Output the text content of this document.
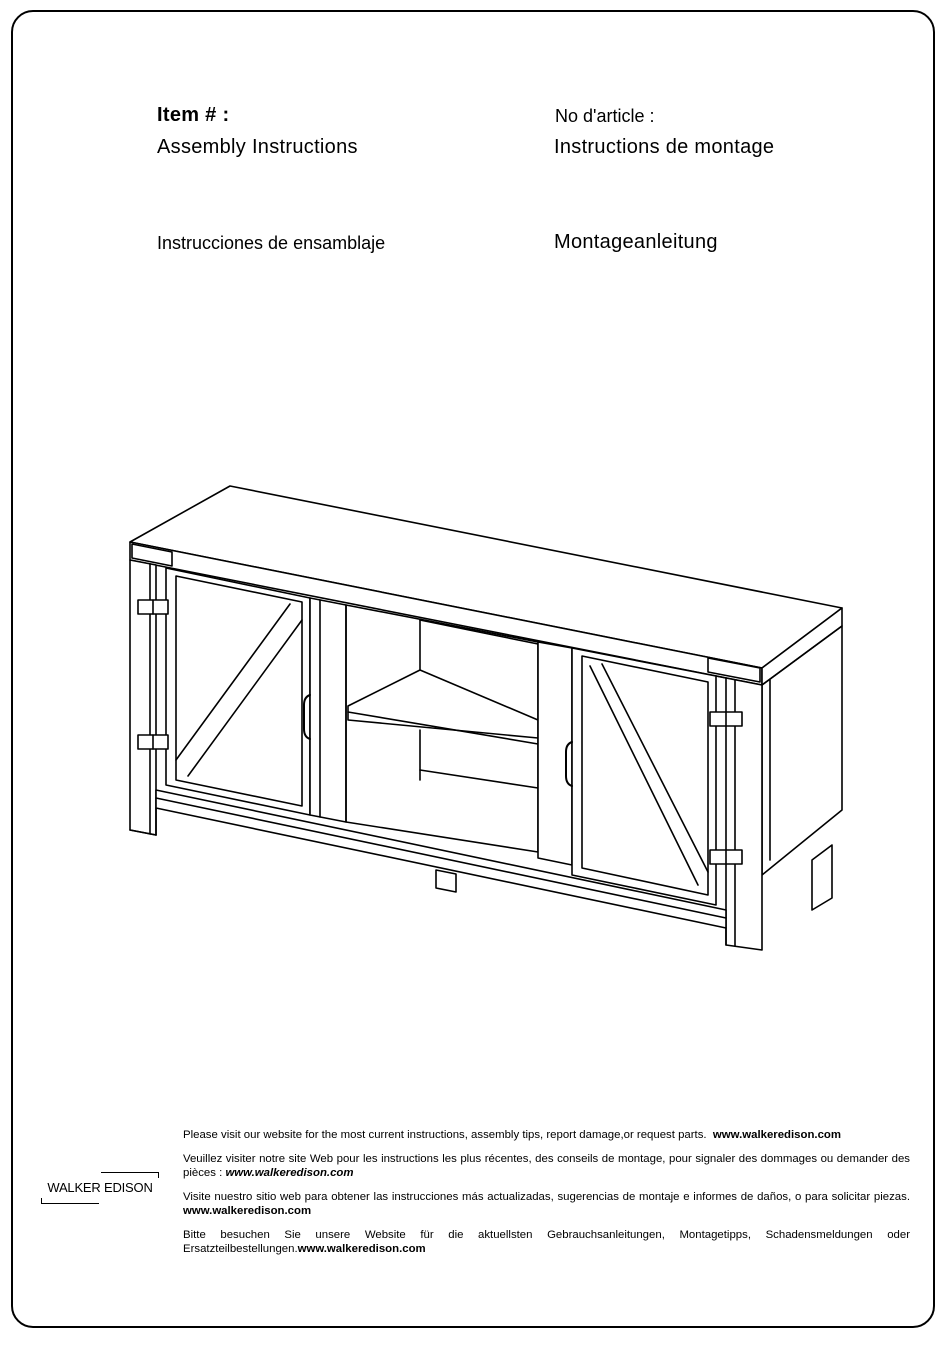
Item # :	No d'article :
Assembly Instructions	Instructions de montage
Instrucciones de ensamblaje	Montageanleitung
WALKER EDISON

Please visit our website for the most current instructions, assembly tips, report damage,or request parts. www.walkeredison.com

Veuillez visiter notre site Web pour les instructions les plus récentes, des conseils de montage, pour signaler des dommages ou demander des pièces : www.walkeredison.com

Visite nuestro sitio web para obtener las instrucciones más actualizadas, sugerencias de montaje e informes de daños, o para solicitar piezas. www.walkeredison.com

Bitte besuchen Sie unsere Website für die aktuellsten Gebrauchsanleitungen, Montagetipps, Schadensmeldungen oder Ersatzteilbestellungen.www.walkeredison.com
